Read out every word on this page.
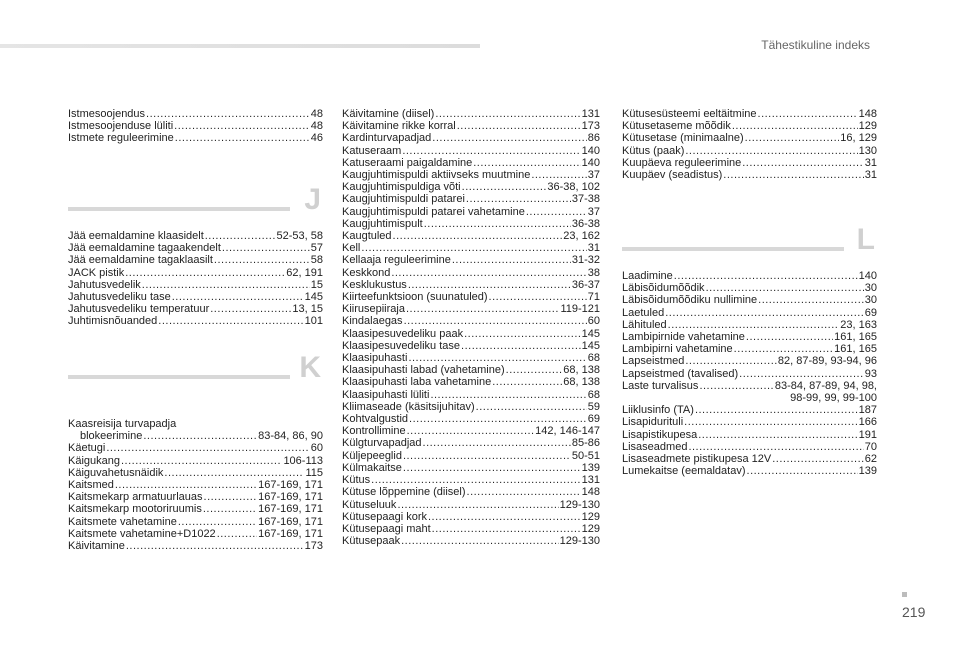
Tähestikuline indeks
Istmesoojendus .....	48
Istmesoojenduse lüliti .....	48
Istmete reguleerimine .....	46
J
Jää eemaldamine klaasidelt .....	52-53, 58
Jää eemaldamine tagaakendelt .....	57
Jää eemaldamine tagaklaasilt .....	58
JACK pistik .....	62, 191
Jahutusvedelik .....	15
Jahutusvedeliku tase .....	145
Jahutusvedeliku temperatuur .....	13, 15
Juhtimisnõuanded .....	101
K
Kaasreisija turvapadja
blokeerimine .....	83-84, 86, 90
Käetugi .....	60
Käigukang .....	106-113
Käiguvahetusnäidik .....	115
Kaitsmed .....	167-169, 171
Kaitsmekarp armatuurlauas .....	167-169, 171
Kaitsmekarp mootoriruumis .....	167-169, 171
Kaitsmete vahetamine .....	167-169, 171
Kaitsmete vahetamine+D1022 .....	167-169, 171
Käivitamine .....	173
Käivitamine (diisel) .....	131
Käivitamine rikke korral .....	173
Kardinturvapadjad .....	86
Katuseraam .....	140
Katuseraami paigaldamine .....	140
Kaugjuhtimispuldi aktiivseks muutmine .....	37
Kaugjuhtimispuldiga võti .....	36-38, 102
Kaugjuhtimispuldi patarei .....	37-38
Kaugjuhtimispuldi patarei vahetamine .....	37
Kaugjuhtimispult .....	36-38
Kaugtuled .....	23, 162
Kell .....	31
Kellaaja reguleerimine .....	31-32
Keskkond .....	38
Kesklukustus .....	36-37
Kiirteefunktsioon (suunatuled) .....	71
Kiirusepiiraja .....	119-121
Kindalaegas .....	60
Klaasipesuvedeliku paak .....	145
Klaasipesuvedeliku tase .....	145
Klaasipuhasti .....	68
Klaasipuhasti labad (vahetamine) .....	68, 138
Klaasipuhasti laba vahetamine .....	68, 138
Klaasipuhasti lüliti .....	68
Kliimaseade (käsitsijuhitav) .....	59
Kohtvalgustid .....	69
Kontrollimine .....	142, 146-147
Külgturvapadjad .....	85-86
Küljepeeglid .....	50-51
Külmakaitse .....	139
Kütus .....	131
Kütuse lõppemine (diisel) .....	148
Kütuseluuk .....	129-130
Kütusepaagi kork .....	129
Kütusepaagi maht .....	129
Kütusepaak .....	129-130
Kütusesüsteemi eeltäitmine .....	148
Kütusetaseme mõõdik .....	129
Kütusetase (minimaalne) .....	16, 129
Kütus (paak) .....	130
Kuupäeva reguleerimine .....	31
Kuupäev (seadistus) .....	31
L
Laadimine .....	140
Läbisõidumõõdik .....	30
Läbisõidumõõdiku nullimine .....	30
Laetuled .....	69
Lähituled .....	23, 163
Lambipirnide vahetamine .....	161, 165
Lambipirni vahetamine .....	161, 165
Lapseistmed .....	82, 87-89, 93-94, 96
Lapseistmed (tavalised) .....	93
Laste turvalisus .....	83-84, 87-89, 94, 98,
98-99, 99, 99-100
Liiklusinfo (TA) .....	187
Lisapidurituli .....	166
Lisapistikupesa .....	191
Lisaseadmed .....	70
Lisaseadmete pistikupesa 12V .....	62
Lumekaitse (eemaldatav) .....	139
219
